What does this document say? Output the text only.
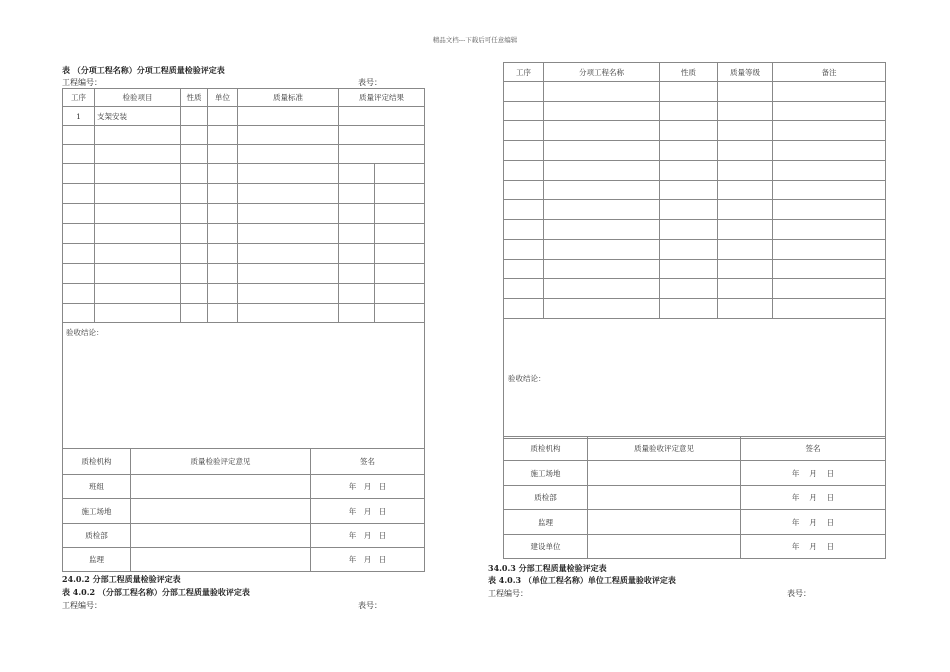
精品文档---下载后可任意编辑
表 （分项工程名称）分项工程质量检验评定表
工程编号：	表号：
工序	检验项目	性质	单位	质量标准	质量评定结果	
1	支架安装					

验收结论：						
质检机构	质量检验评定意见	签名
班组		年　月　日
施工场地		年　月　日
质检部		年　月　日
监理		年　月　日
24.0.2 分部工程质量检验评定表
表 4.0.2 （分部工程名称）分部工程质量验收评定表
工程编号：	表号：
工序	分项工程名称	性质	质量等级	备注

验收结论：				
质检机构	质量验收评定意见	签名
施工场地		年　 月　 日
质检部		年　 月　 日
监理		年　 月　 日
建设单位		年　 月　 日
34.0.3 分部工程质量检验评定表
表 4.0.3 （单位工程名称）单位工程质量验收评定表
工程编号：	表号：
